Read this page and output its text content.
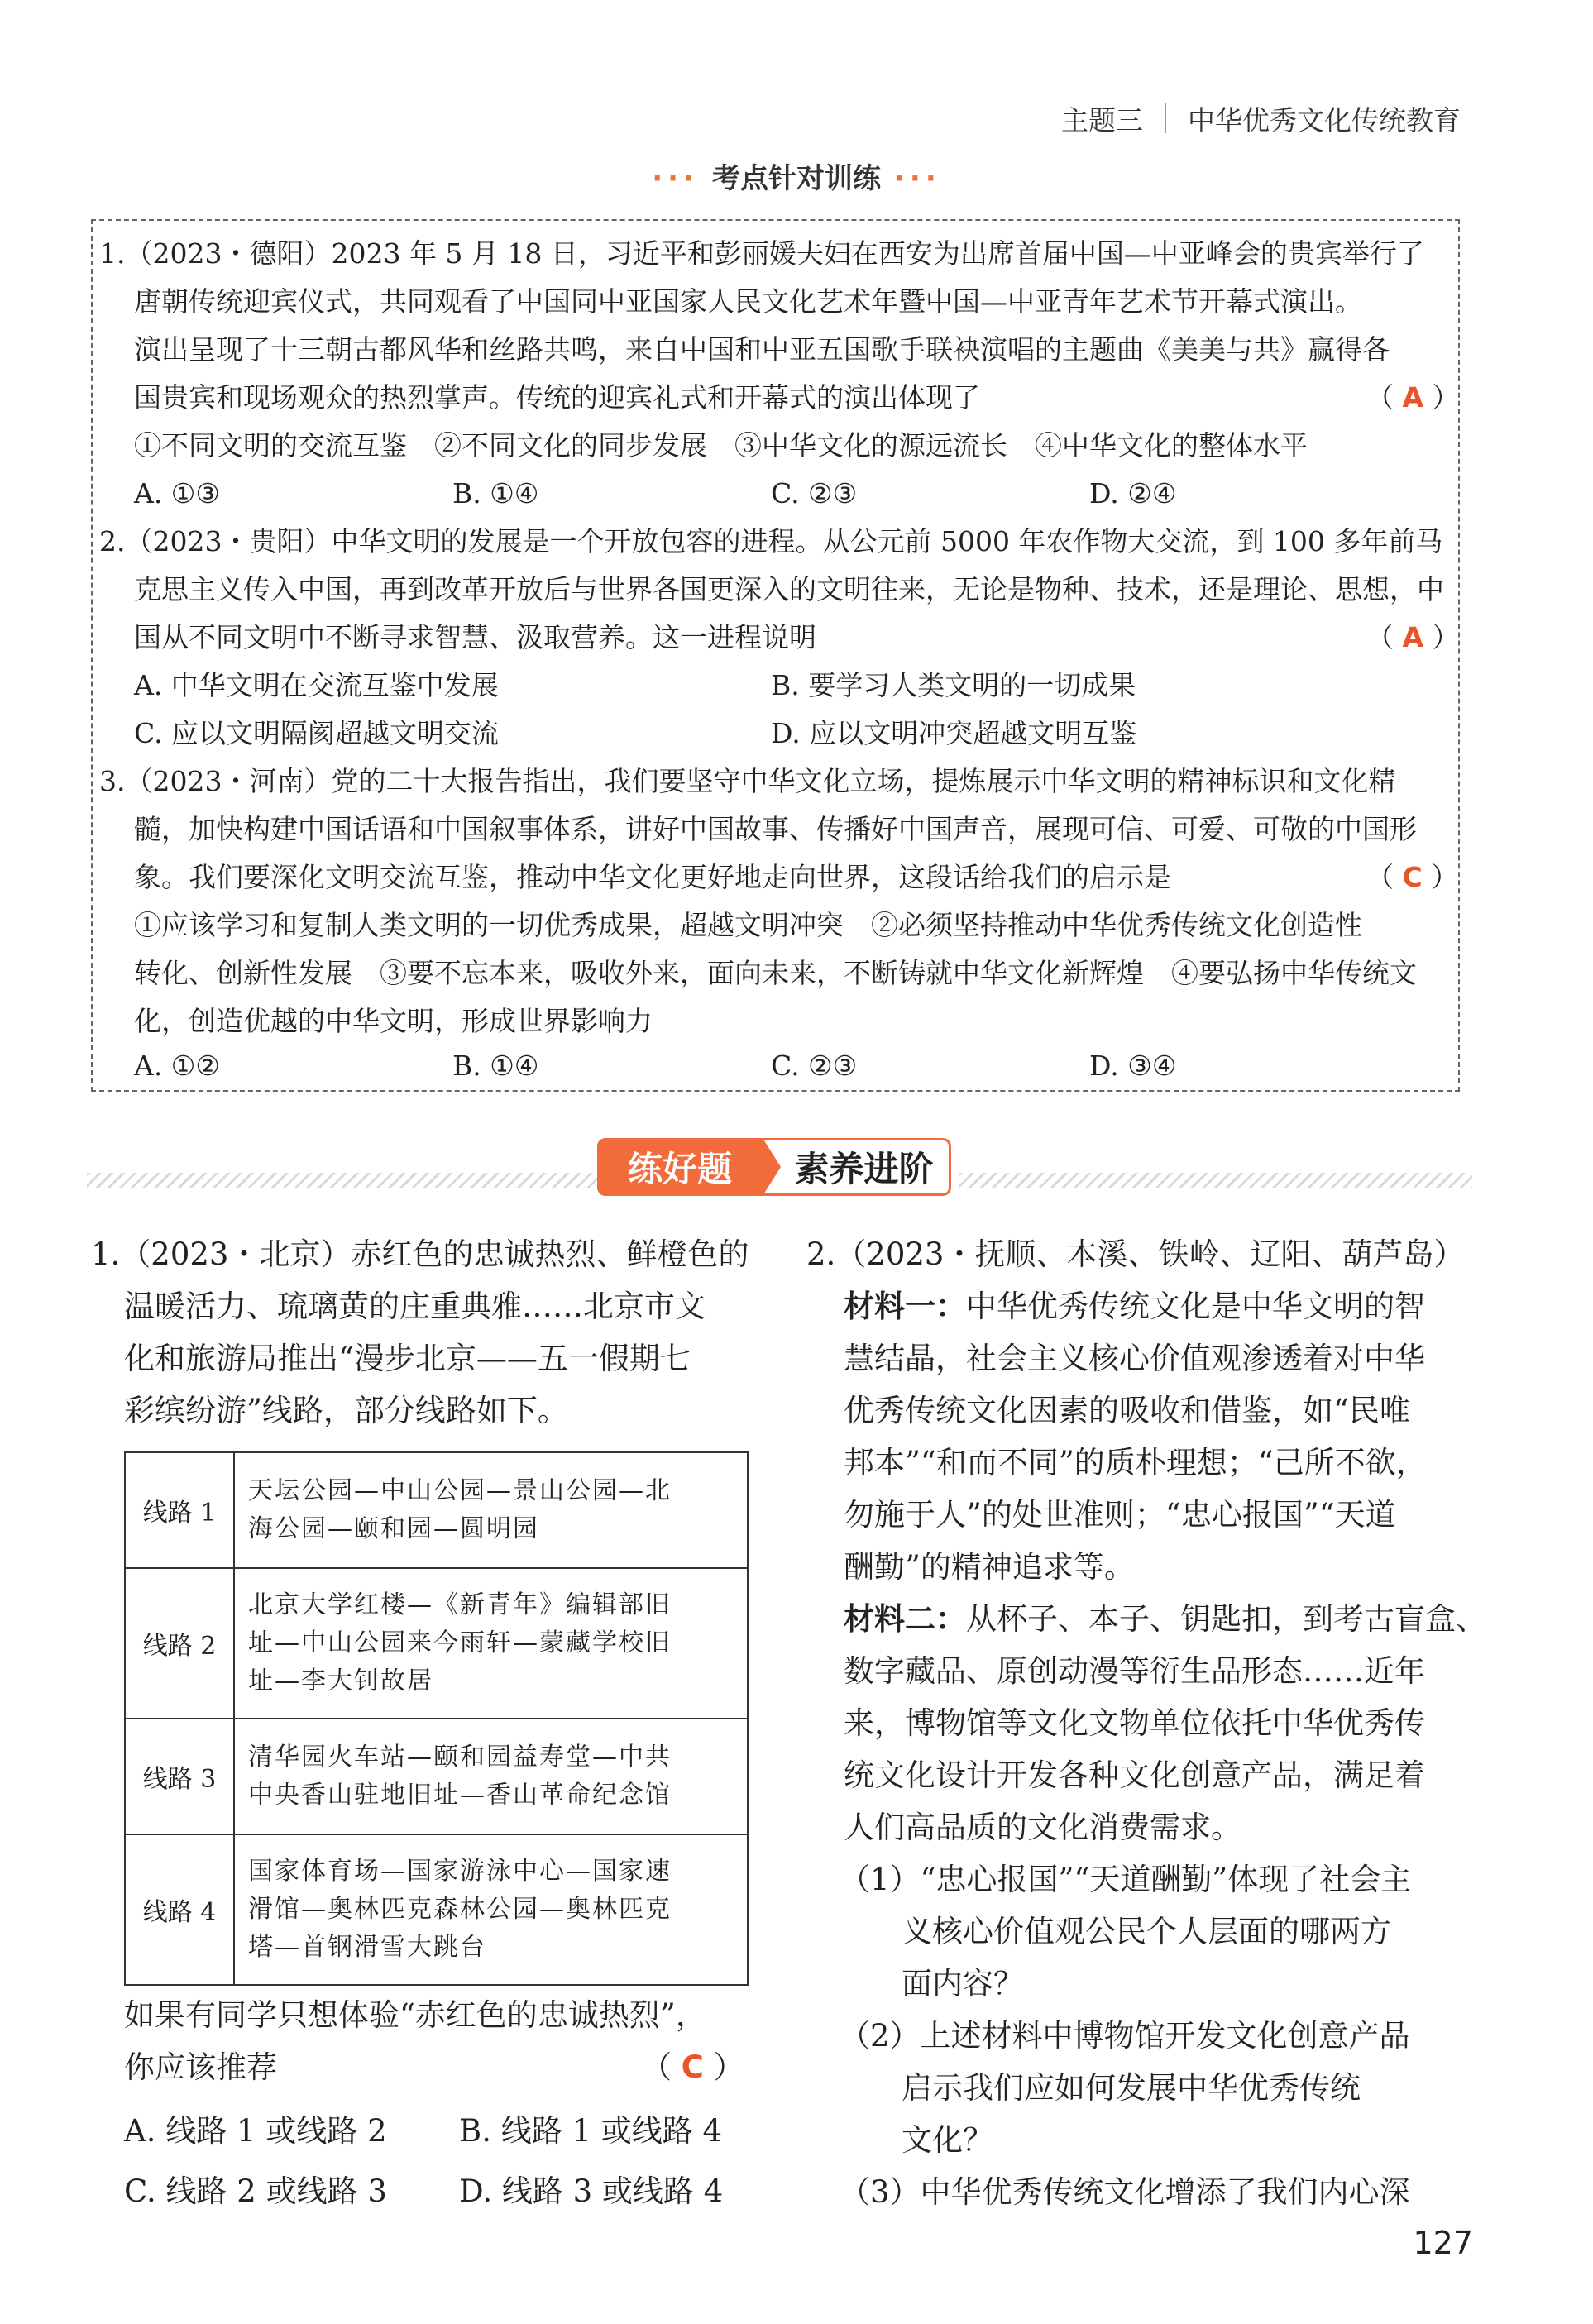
主题三 中华优秀文化传统教育
··· 考点针对训练 ···
1.（2023・德阳）2023 年 5 月 18 日，习近平和彭丽媛夫妇在西安为出席首届中国—中亚峰会的贵宾举行了
唐朝传统迎宾仪式，共同观看了中国同中亚国家人民文化艺术年暨中国—中亚青年艺术节开幕式演出。
演出呈现了十三朝古都风华和丝路共鸣，来自中国和中亚五国歌手联袂演唱的主题曲《美美与共》赢得各
国贵宾和现场观众的热烈掌声。传统的迎宾礼式和开幕式的演出体现了	（ A ）
①不同文明的交流互鉴　②不同文化的同步发展　③中华文化的源远流长　④中华文化的整体水平
A. ①③	B. ①④	C. ②③	D. ②④
2.（2023・贵阳）中华文明的发展是一个开放包容的进程。从公元前 5000 年农作物大交流，到 100 多年前马
克思主义传入中国，再到改革开放后与世界各国更深入的文明往来，无论是物种、技术，还是理论、思想，中
国从不同文明中不断寻求智慧、汲取营养。这一进程说明	（ A ）
A. 中华文明在交流互鉴中发展	B. 要学习人类文明的一切成果
C. 应以文明隔阂超越文明交流	D. 应以文明冲突超越文明互鉴
3.（2023・河南）党的二十大报告指出，我们要坚守中华文化立场，提炼展示中华文明的精神标识和文化精
髓，加快构建中国话语和中国叙事体系，讲好中国故事、传播好中国声音，展现可信、可爱、可敬的中国形
象。我们要深化文明交流互鉴，推动中华文化更好地走向世界，这段话给我们的启示是	（ C ）
①应该学习和复制人类文明的一切优秀成果，超越文明冲突　②必须坚持推动中华优秀传统文化创造性
转化、创新性发展　③要不忘本来，吸收外来，面向未来，不断铸就中华文化新辉煌　④要弘扬中华传统文
化，创造优越的中华文明，形成世界影响力
A. ①②	B. ①④	C. ②③	D. ③④
练好题	素养进阶
1.（2023・北京）赤红色的忠诚热烈、鲜橙色的
温暖活力、琉璃黄的庄重典雅……北京市文
化和旅游局推出“漫步北京——五一假期七
彩缤纷游”线路，部分线路如下。
线路 1	天坛公园—中山公园—景山公园—北
海公园—颐和园—圆明园

线路 2	北京大学红楼—《新青年》编辑部旧
址—中山公园来今雨轩—蒙藏学校旧
址—李大钊故居

线路 3	清华园火车站—颐和园益寿堂—中共
中央香山驻地旧址—香山革命纪念馆

线路 4	国家体育场—国家游泳中心—国家速
滑馆—奥林匹克森林公园—奥林匹克
塔—首钢滑雪大跳台
如果有同学只想体验“赤红色的忠诚热烈”，
你应该推荐	（ C ）
A. 线路 1 或线路 2 B. 线路 1 或线路 4
C. 线路 2 或线路 3 D. 线路 3 或线路 4
2.（2023・抚顺、本溪、铁岭、辽阳、葫芦岛）
材料一：中华优秀传统文化是中华文明的智
慧结晶，社会主义核心价值观渗透着对中华
优秀传统文化因素的吸收和借鉴，如“民唯
邦本”“和而不同”的质朴理想；“己所不欲，
勿施于人”的处世准则；“忠心报国”“天道
酬勤”的精神追求等。
材料二：从杯子、本子、钥匙扣，到考古盲盒、
数字藏品、原创动漫等衍生品形态……近年
来，博物馆等文化文物单位依托中华优秀传
统文化设计开发各种文化创意产品，满足着
人们高品质的文化消费需求。
（1）“忠心报国”“天道酬勤”体现了社会主
义核心价值观公民个人层面的哪两方
面内容？
（2）上述材料中博物馆开发文化创意产品
启示我们应如何发展中华优秀传统
文化？
（3）中华优秀传统文化增添了我们内心深
127
